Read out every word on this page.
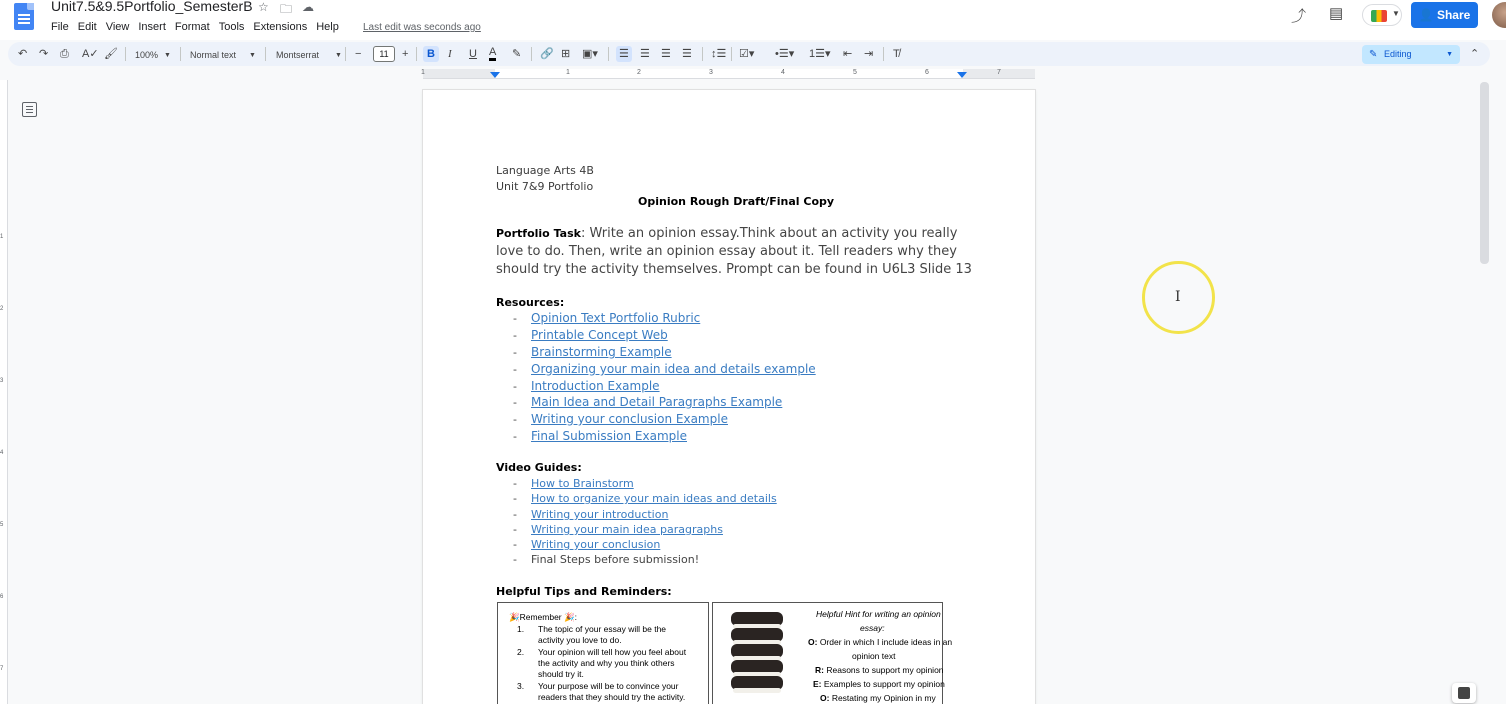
Unit7.5&9.5Portfolio_SemesterB ☆ 🗀 ☁
File Edit View Insert Format Tools Extensions Help	Last edit was seconds ago
⤴ ▤	▼	👤 Share
↶ ↷ ⎙ A✓ 🖌 100% ▼ Normal text ▼ Montserrat ▼ −	11	+	B	I U A ✎ 🔗 ⊞ ▣▾ ☰ ☰ ☰ ☰ ↕☰ ☑▾ •☰▾ 1☰▾ ⇤ ⇥ T̸	✎ Editing	▼ ⌃
1	1	2	3	4	5	6	7
1
2
3
4
5
6
7
Language Arts 4B
Unit 7&9 Portfolio
Opinion Rough Draft/Final Copy
Portfolio Task: Write an opinion essay.Think about an activity you really
love to do. Then, write an opinion essay about it. Tell readers why they
should try the activity themselves. Prompt can be found in U6L3 Slide 13
Resources:
- Opinion Text Portfolio Rubric
- Printable Concept Web
- Brainstorming Example
- Organizing your main idea and details example
- Introduction Example
- Main Idea and Detail Paragraphs Example
- Writing your conclusion Example
- Final Submission Example
Video Guides:
- How to Brainstorm
- How to organize your main ideas and details
- Writing your introduction
- Writing your main idea paragraphs
- Writing your conclusion
- Final Steps before submission!
Helpful Tips and Reminders:
🎉Remember 🎉:
1. The topic of your essay will be the
activity you love to do.
2. Your opinion will tell how you feel about
the activity and why you think others
should try it.
3. Your purpose will be to convince your
readers that they should try the activity.
Helpful Hint for writing an opinion
essay:
O: Order in which I include ideas in an
opinion text
R: Reasons to support my opinion
E: Examples to support my opinion
O: Restating my Opinion in my
I
